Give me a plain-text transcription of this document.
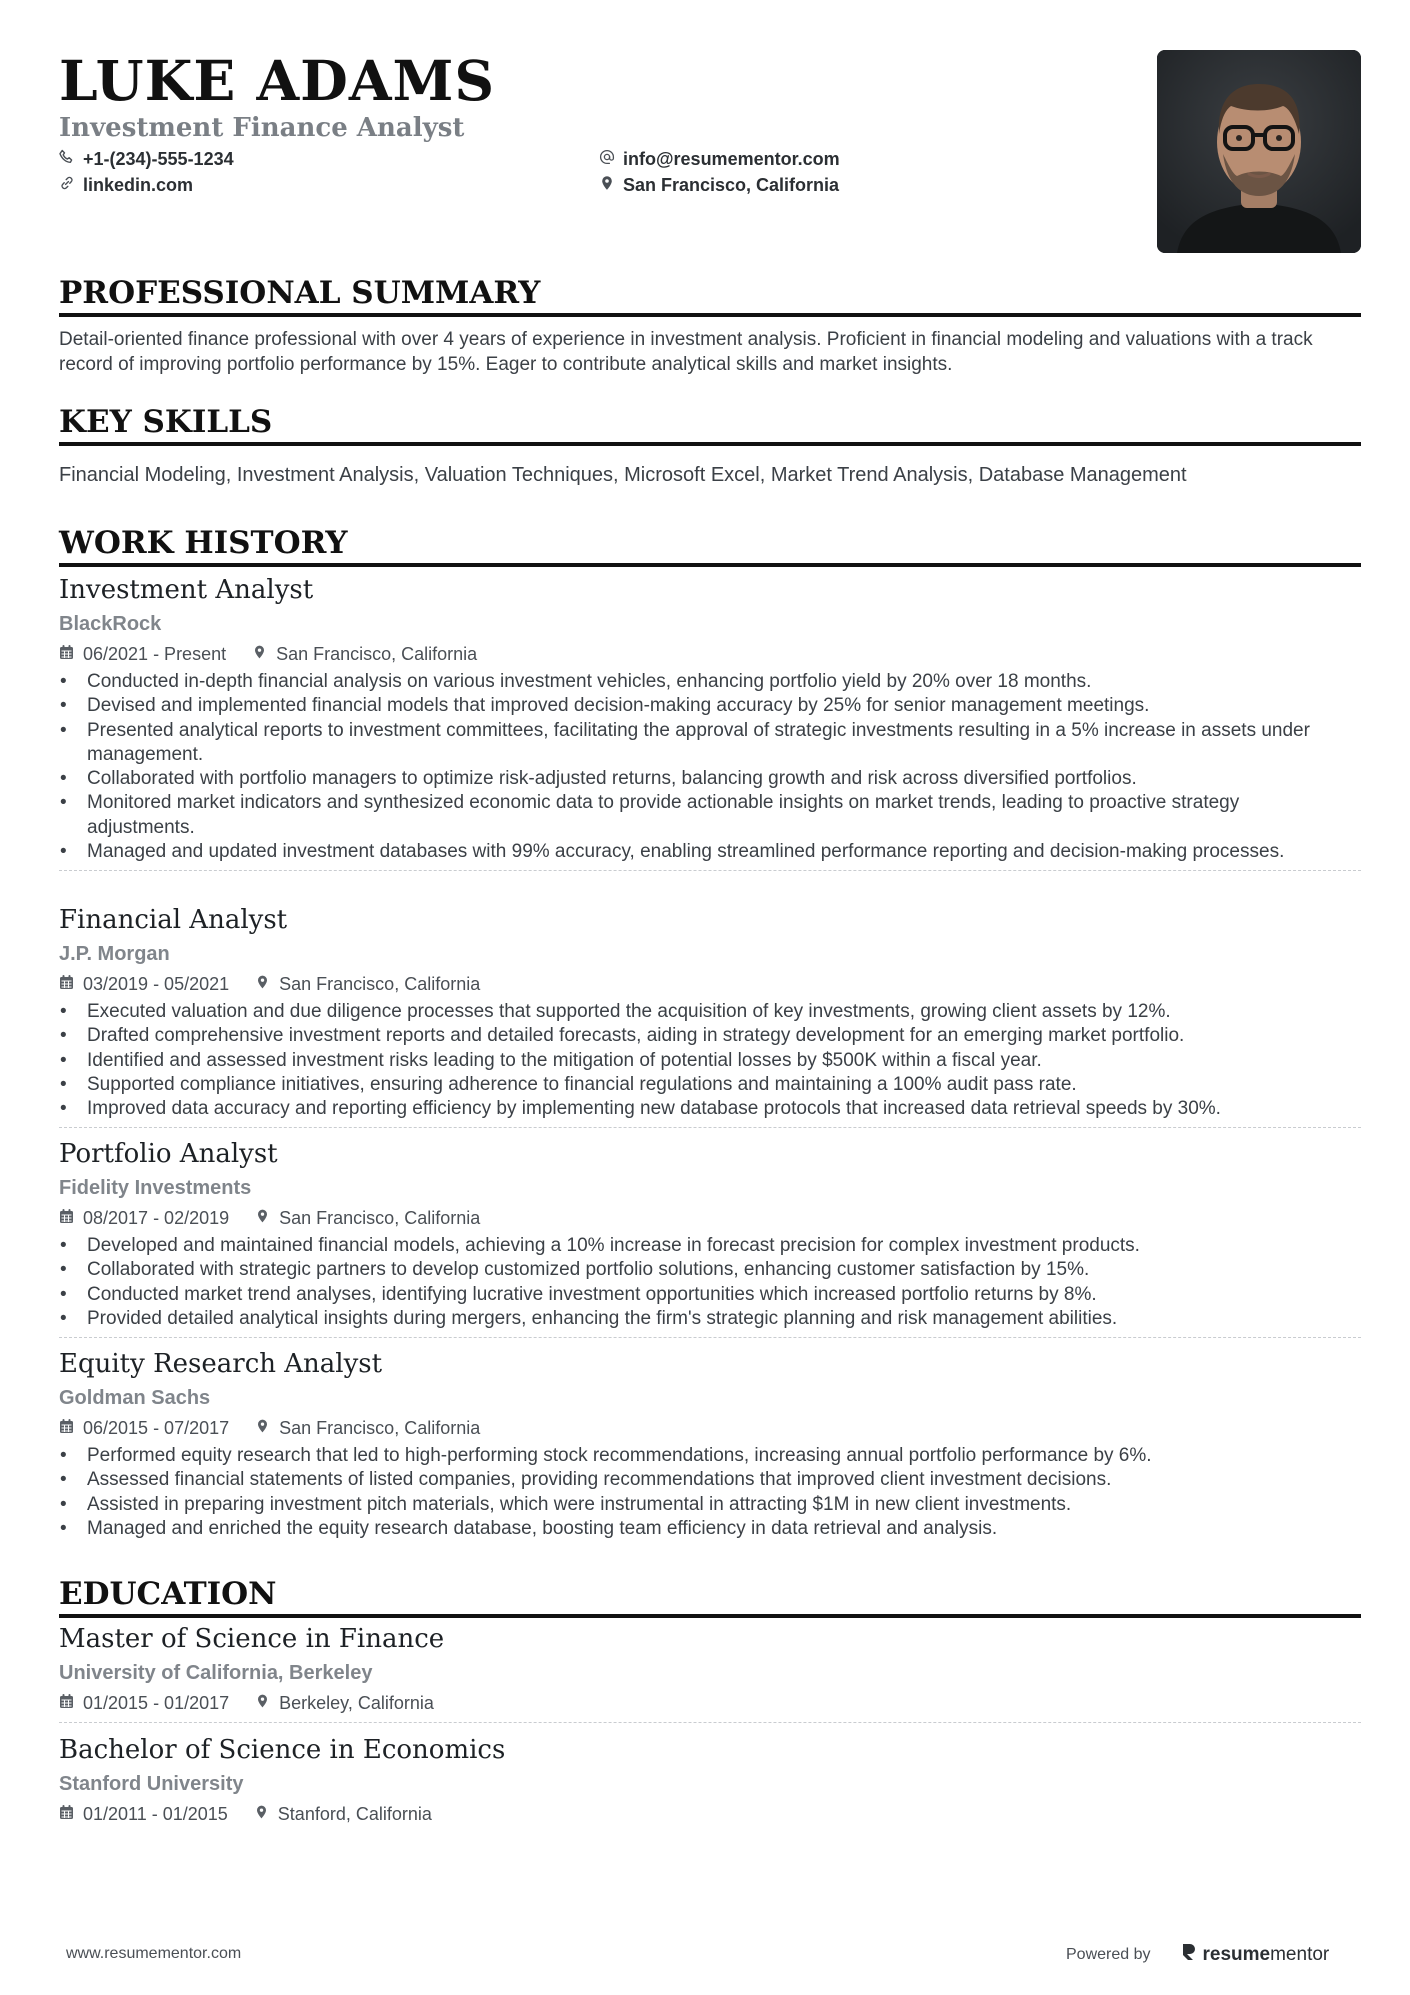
LUKE ADAMS
Investment Finance Analyst
+1-(234)-555-1234
linkedin.com
info@resumementor.com
San Francisco, California
PROFESSIONAL SUMMARY
Detail-oriented finance professional with over 4 years of experience in investment analysis. Proficient in financial modeling and valuations with a track record of improving portfolio performance by 15%. Eager to contribute analytical skills and market insights.
KEY SKILLS
Financial Modeling, Investment Analysis, Valuation Techniques, Microsoft Excel, Market Trend Analysis, Database Management
WORK HISTORY
Investment Analyst
BlackRock
06/2021 - Present	San Francisco, California
• Conducted in-depth financial analysis on various investment vehicles, enhancing portfolio yield by 20% over 18 months.
• Devised and implemented financial models that improved decision-making accuracy by 25% for senior management meetings.
• Presented analytical reports to investment committees, facilitating the approval of strategic investments resulting in a 5% increase in assets under management.
• Collaborated with portfolio managers to optimize risk-adjusted returns, balancing growth and risk across diversified portfolios.
• Monitored market indicators and synthesized economic data to provide actionable insights on market trends, leading to proactive strategy adjustments.
• Managed and updated investment databases with 99% accuracy, enabling streamlined performance reporting and decision-making processes.
Financial Analyst
J.P. Morgan
03/2019 - 05/2021	San Francisco, California
• Executed valuation and due diligence processes that supported the acquisition of key investments, growing client assets by 12%.
• Drafted comprehensive investment reports and detailed forecasts, aiding in strategy development for an emerging market portfolio.
• Identified and assessed investment risks leading to the mitigation of potential losses by $500K within a fiscal year.
• Supported compliance initiatives, ensuring adherence to financial regulations and maintaining a 100% audit pass rate.
• Improved data accuracy and reporting efficiency by implementing new database protocols that increased data retrieval speeds by 30%.
Portfolio Analyst
Fidelity Investments
08/2017 - 02/2019	San Francisco, California
• Developed and maintained financial models, achieving a 10% increase in forecast precision for complex investment products.
• Collaborated with strategic partners to develop customized portfolio solutions, enhancing customer satisfaction by 15%.
• Conducted market trend analyses, identifying lucrative investment opportunities which increased portfolio returns by 8%.
• Provided detailed analytical insights during mergers, enhancing the firm's strategic planning and risk management abilities.
Equity Research Analyst
Goldman Sachs
06/2015 - 07/2017	San Francisco, California
• Performed equity research that led to high-performing stock recommendations, increasing annual portfolio performance by 6%.
• Assessed financial statements of listed companies, providing recommendations that improved client investment decisions.
• Assisted in preparing investment pitch materials, which were instrumental in attracting $1M in new client investments.
• Managed and enriched the equity research database, boosting team efficiency in data retrieval and analysis.
EDUCATION
Master of Science in Finance
University of California, Berkeley
01/2015 - 01/2017	Berkeley, California
Bachelor of Science in Economics
Stanford University
01/2011 - 01/2015	Stanford, California
www.resumementor.com	Powered by	resumementor
